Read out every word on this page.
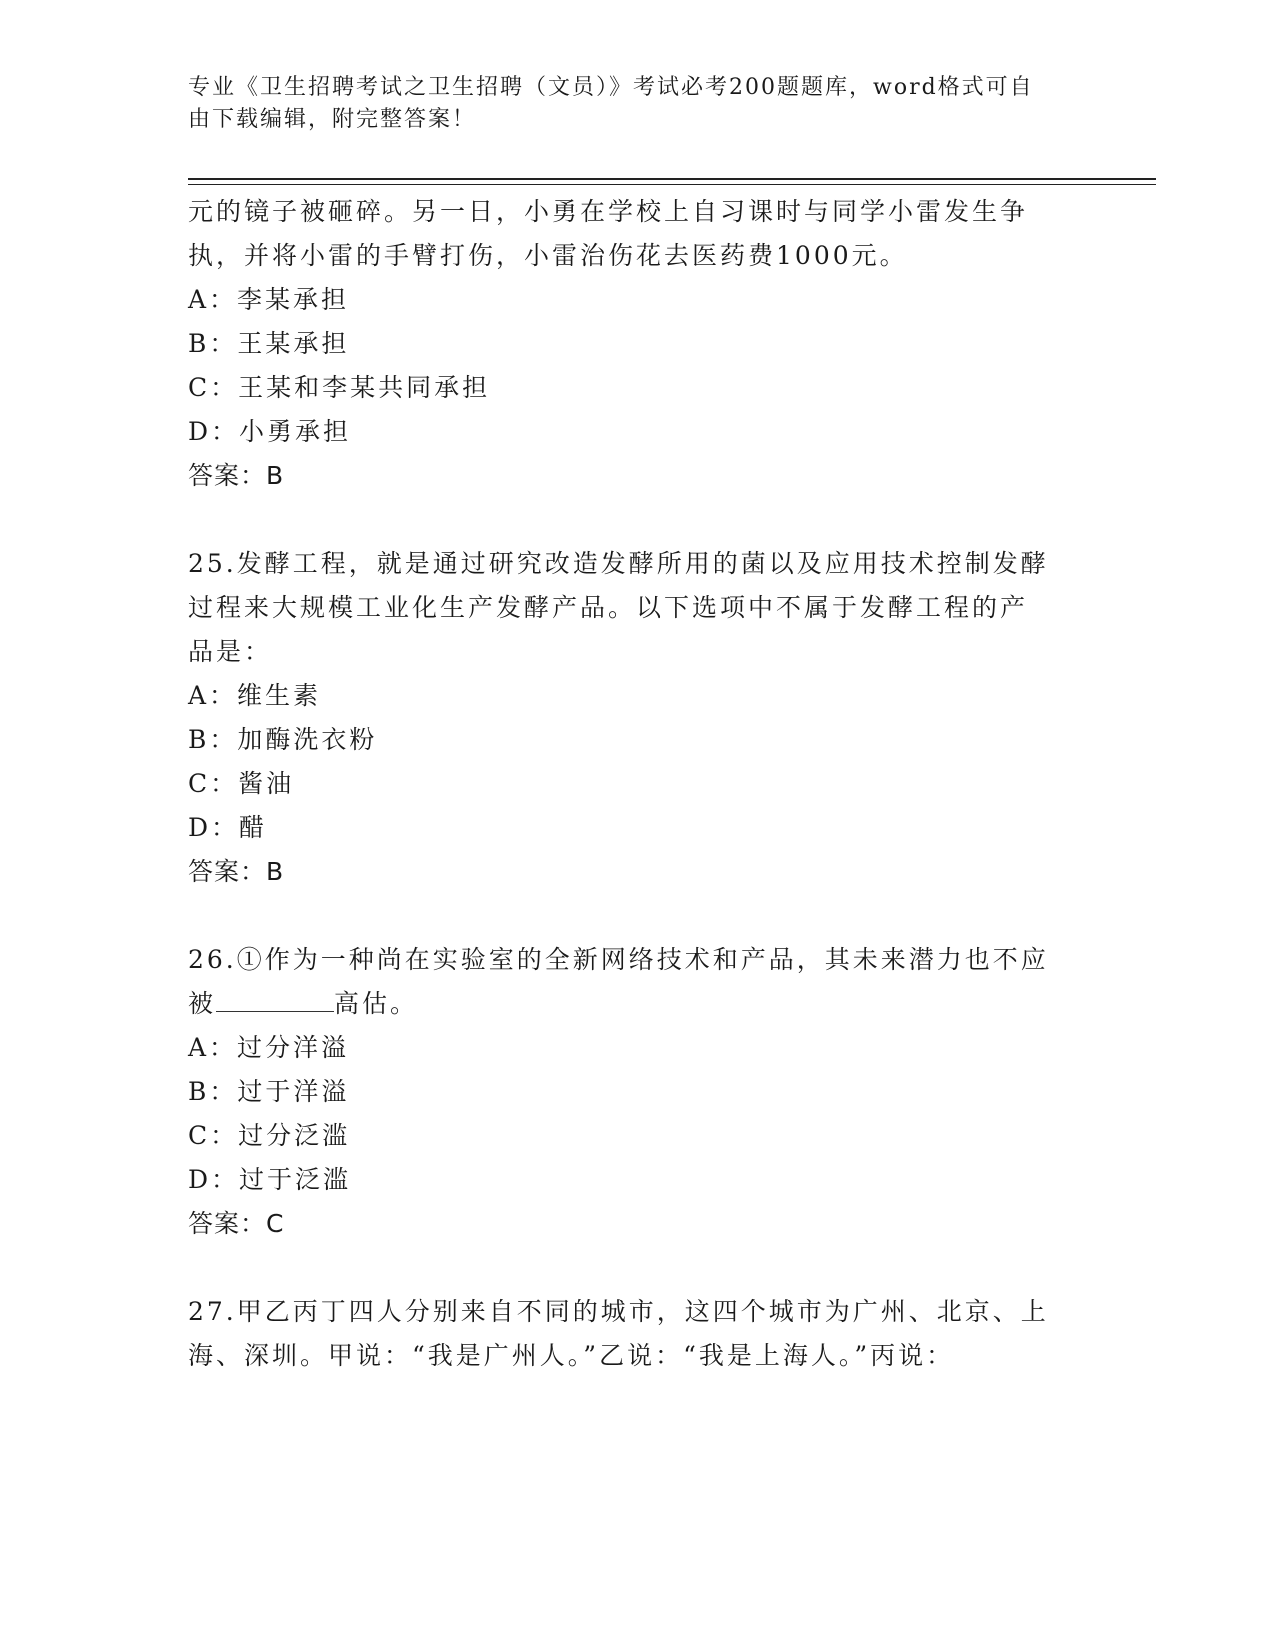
专业《卫生招聘考试之卫生招聘（文员）》考试必考200题题库，word格式可自
由下载编辑，附完整答案！
元的镜子被砸碎。另一日，小勇在学校上自习课时与同学小雷发生争
执，并将小雷的手臂打伤，小雷治伤花去医药费1000元。
A：李某承担
B：王某承担
C：王某和李某共同承担
D：小勇承担
答案：B
25.发酵工程，就是通过研究改造发酵所用的菌以及应用技术控制发酵
过程来大规模工业化生产发酵产品。以下选项中不属于发酵工程的产
品是：
A：维生素
B：加酶洗衣粉
C：酱油
D：醋
答案：B
26.①作为一种尚在实验室的全新网络技术和产品，其未来潜力也不应
被	高估。
A：过分洋溢
B：过于洋溢
C：过分泛滥
D：过于泛滥
答案：C
27.甲乙丙丁四人分别来自不同的城市，这四个城市为广州、北京、上
海、深圳。甲说：“我是广州人。”乙说：“我是上海人。”丙说：
